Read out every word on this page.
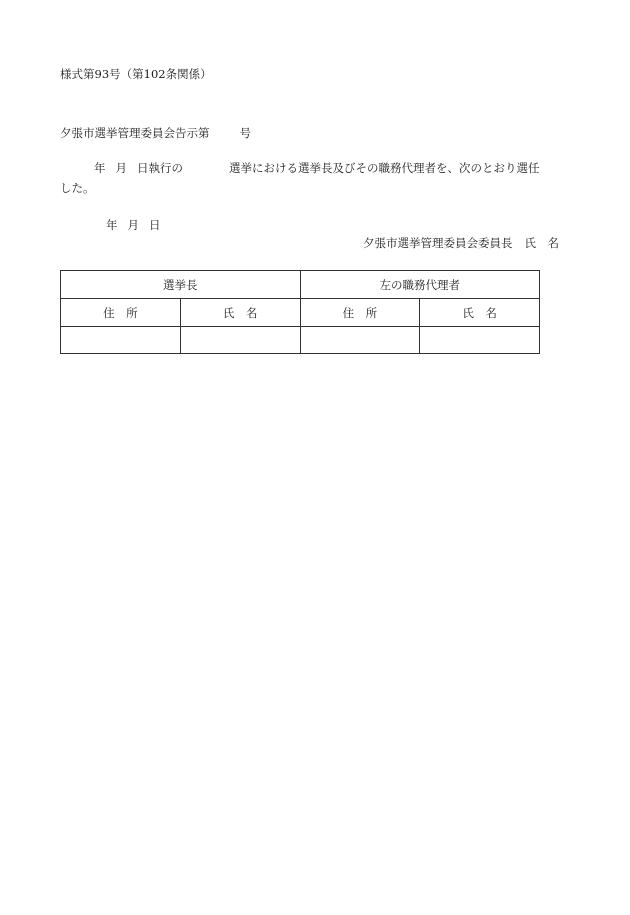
様式第93号（第102条関係）
夕張市選挙管理委員会告示第	号
年 月 日執行の	選挙における選挙長及びその職務代理者を、次のとおり選任
した。
年 月 日
夕張市選挙管理委員会委員長 氏　名
選挙長		左の職務代理者	
住　所	氏　名	住　所	氏　名
